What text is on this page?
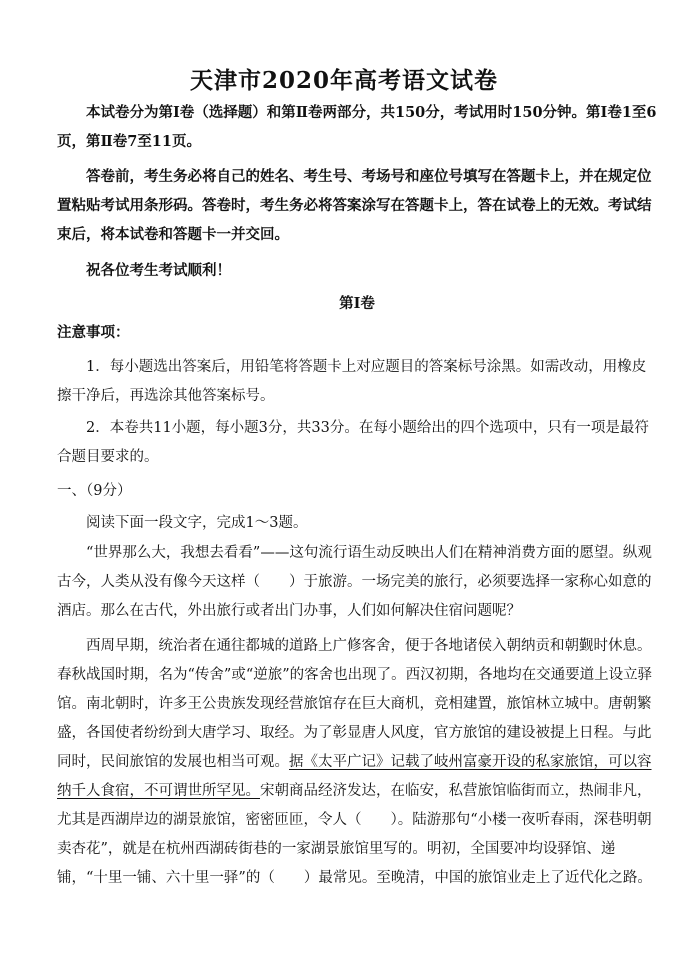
天津市2020年高考语文试卷

本试卷分为第Ⅰ卷（选择题）和第Ⅱ卷两部分，共150分，考试用时150分钟。第Ⅰ卷1至6页，第Ⅱ卷7至11页。

答卷前，考生务必将自己的姓名、考生号、考场号和座位号填写在答题卡上，并在规定位置粘贴考试用条形码。答卷时，考生务必将答案涂写在答题卡上，答在试卷上的无效。考试结束后，将本试卷和答题卡一并交回。

祝各位考生考试顺利！

第Ⅰ卷

注意事项：

1．每小题选出答案后，用铅笔将答题卡上对应题目的答案标号涂黑。如需改动，用橡皮擦干净后，再选涂其他答案标号。

2．本卷共11小题，每小题3分，共33分。在每小题给出的四个选项中，只有一项是最符合题目要求的。

一、（9分）

阅读下面一段文字，完成1～3题。

“世界那么大，我想去看看”——这句流行语生动反映出人们在精神消费方面的愿望。纵观古今，人类从没有像今天这样（　　）于旅游。一场完美的旅行，必须要选择一家称心如意的酒店。那么在古代，外出旅行或者出门办事，人们如何解决住宿问题呢？

西周早期，统治者在通往都城的道路上广修客舍，便于各地诸侯入朝纳贡和朝觐时休息。春秋战国时期，名为“传舍”或“逆旅”的客舍也出现了。西汉初期，各地均在交通要道上设立驿馆。南北朝时，许多王公贵族发现经营旅馆存在巨大商机，竞相建置，旅馆林立城中。唐朝繁盛，各国使者纷纷到大唐学习、取经。为了彰显唐人风度，官方旅馆的建设被提上日程。与此同时，民间旅馆的发展也相当可观。据《太平广记》记载了岐州富豪开设的私家旅馆，可以容纳千人食宿，不可谓世所罕见。宋朝商品经济发达，在临安，私营旅馆临街而立，热闹非凡，尤其是西湖岸边的湖景旅馆，密密匝匝，令人（　　）。陆游那句“小楼一夜听春雨，深巷明朝卖杏花”，就是在杭州西湖砖街巷的一家湖景旅馆里写的。明初，全国要冲均设驿馆、递铺，“十里一铺、六十里一驿”的（　　）最常见。至晚清，中国的旅馆业走上了近代化之路。
